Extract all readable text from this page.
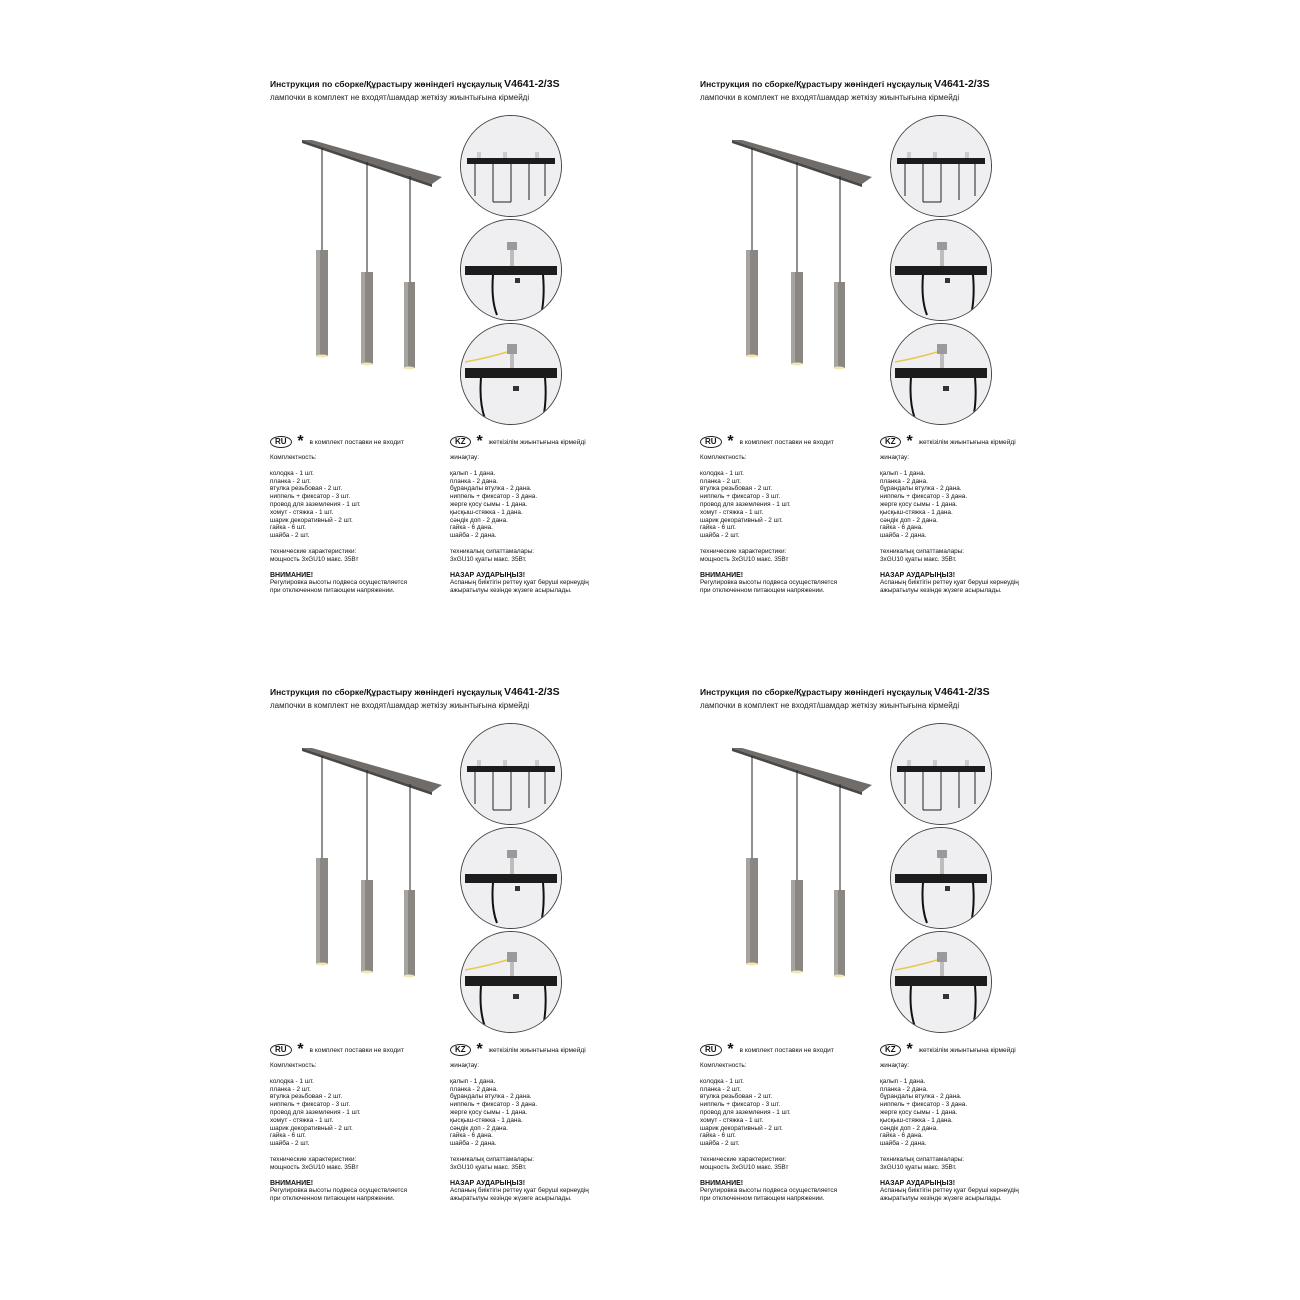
Инструкция по сборке/Құрастыру жөніндегі нұсқаулық V4641-2/3S
лампочки в комплект не входят/шамдар жеткізу жиынтығына кірмейді
RU * в комплект поставки не входит	KZ * жеткізілім жиынтығына кірмейді
Комплектность:
колодка - 1 шт.
планка - 2 шт.
втулка резьбовая - 2 шт.
ниппель + фиксатор - 3 шт.
провод для заземления - 1 шт.
хомут - стяжка - 1 шт.
шарик декоративный - 2 шт.
гайка - 6 шт.
шайба - 2 шт.
технические характеристики:
мощность 3xGU10 макс. 35Вт
ВНИМАНИЕ!
Регулировка высоты подвеса осуществляется
при отключенном питающем напряжении.
жинақтау:
қалып - 1 дана.
планка - 2 дана.
бұрандалы втулка - 2 дана.
ниппель + фиксатор - 3 дана.
жерге қосу сымы - 1 дана.
қысқыш-стяжка - 1 дана.
сәндік доп - 2 дана.
гайка - 6 дана.
шайба - 2 дана.
техникалық сипаттамалары:
3xGU10 қуаты макс. 35Вт.
НАЗАР АУДАРЫҢЫЗ!
Аспаның биіктігін реттеу қуат беруші кернеудің
ажыратылуы кезінде жүзеге асырылады.
Инструкция по сборке/Құрастыру жөніндегі нұсқаулық V4641-2/3S
лампочки в комплект не входят/шамдар жеткізу жиынтығына кірмейді
RU * в комплект поставки не входит	KZ * жеткізілім жиынтығына кірмейді
Комплектность:
колодка - 1 шт.
планка - 2 шт.
втулка резьбовая - 2 шт.
ниппель + фиксатор - 3 шт.
провод для заземления - 1 шт.
хомут - стяжка - 1 шт.
шарик декоративный - 2 шт.
гайка - 6 шт.
шайба - 2 шт.
технические характеристики:
мощность 3xGU10 макс. 35Вт
ВНИМАНИЕ!
Регулировка высоты подвеса осуществляется
при отключенном питающем напряжении.
жинақтау:
қалып - 1 дана.
планка - 2 дана.
бұрандалы втулка - 2 дана.
ниппель + фиксатор - 3 дана.
жерге қосу сымы - 1 дана.
қысқыш-стяжка - 1 дана.
сәндік доп - 2 дана.
гайка - 6 дана.
шайба - 2 дана.
техникалық сипаттамалары:
3xGU10 қуаты макс. 35Вт.
НАЗАР АУДАРЫҢЫЗ!
Аспаның биіктігін реттеу қуат беруші кернеудің
ажыратылуы кезінде жүзеге асырылады.
Инструкция по сборке/Құрастыру жөніндегі нұсқаулық V4641-2/3S
лампочки в комплект не входят/шамдар жеткізу жиынтығына кірмейді
RU * в комплект поставки не входит	KZ * жеткізілім жиынтығына кірмейді
Комплектность:
колодка - 1 шт.
планка - 2 шт.
втулка резьбовая - 2 шт.
ниппель + фиксатор - 3 шт.
провод для заземления - 1 шт.
хомут - стяжка - 1 шт.
шарик декоративный - 2 шт.
гайка - 6 шт.
шайба - 2 шт.
технические характеристики:
мощность 3xGU10 макс. 35Вт
ВНИМАНИЕ!
Регулировка высоты подвеса осуществляется
при отключенном питающем напряжении.
жинақтау:
қалып - 1 дана.
планка - 2 дана.
бұрандалы втулка - 2 дана.
ниппель + фиксатор - 3 дана.
жерге қосу сымы - 1 дана.
қысқыш-стяжка - 1 дана.
сәндік доп - 2 дана.
гайка - 6 дана.
шайба - 2 дана.
техникалық сипаттамалары:
3xGU10 қуаты макс. 35Вт.
НАЗАР АУДАРЫҢЫЗ!
Аспаның биіктігін реттеу қуат беруші кернеудің
ажыратылуы кезінде жүзеге асырылады.
Инструкция по сборке/Құрастыру жөніндегі нұсқаулық V4641-2/3S
лампочки в комплект не входят/шамдар жеткізу жиынтығына кірмейді
RU * в комплект поставки не входит	KZ * жеткізілім жиынтығына кірмейді
Комплектность:
колодка - 1 шт.
планка - 2 шт.
втулка резьбовая - 2 шт.
ниппель + фиксатор - 3 шт.
провод для заземления - 1 шт.
хомут - стяжка - 1 шт.
шарик декоративный - 2 шт.
гайка - 6 шт.
шайба - 2 шт.
технические характеристики:
мощность 3xGU10 макс. 35Вт
ВНИМАНИЕ!
Регулировка высоты подвеса осуществляется
при отключенном питающем напряжении.
жинақтау:
қалып - 1 дана.
планка - 2 дана.
бұрандалы втулка - 2 дана.
ниппель + фиксатор - 3 дана.
жерге қосу сымы - 1 дана.
қысқыш-стяжка - 1 дана.
сәндік доп - 2 дана.
гайка - 6 дана.
шайба - 2 дана.
техникалық сипаттамалары:
3xGU10 қуаты макс. 35Вт.
НАЗАР АУДАРЫҢЫЗ!
Аспаның биіктігін реттеу қуат беруші кернеудің
ажыратылуы кезінде жүзеге асырылады.
